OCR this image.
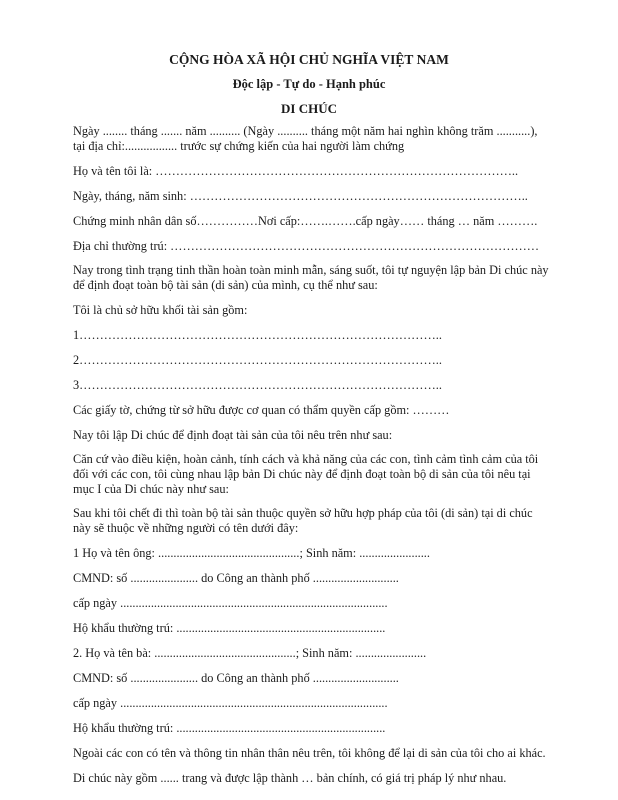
CỘNG HÒA XÃ HỘI CHỦ NGHĨA VIỆT NAM
Độc lập - Tự do - Hạnh phúc
DI CHÚC
Ngày ........ tháng ....... năm .......... (Ngày .......... tháng một năm hai nghìn không trăm ...........),
tại địa chỉ:................. trước sự chứng kiến của hai người làm chứng
Họ và tên tôi là: ……………………………………………………………………………..
Ngày, tháng, năm sinh: ………………………………………………………………………..
Chứng minh nhân dân số……………Nơi cấp:…….…….cấp ngày…… tháng … năm ……….
Địa chỉ thường trú: ………………………………………………………………………………
Nay trong tình trạng tinh thần hoàn toàn minh mẫn, sáng suốt, tôi tự nguyện lập bản Di chúc này
để định đoạt toàn bộ tài sản (di sản) của mình, cụ thể như sau:
Tôi là chủ sở hữu khối tài sản gồm:
1……………………………………………………………………………..
2……………………………………………………………………………..
3……………………………………………………………………………..
Các giấy tờ, chứng từ sở hữu được cơ quan có thẩm quyền cấp gồm: ………
Nay tôi lập Di chúc để định đoạt tài sản của tôi nêu trên như sau:
Căn cứ vào điều kiện, hoàn cảnh, tính cách và khả năng của các con, tình cảm tình cảm của tôi
đối với các con, tôi cùng nhau lập bản Di chúc này để định đoạt toàn bộ di sản của tôi nêu tại
mục I của Di chúc này như sau:
Sau khi tôi chết đi thì toàn bộ tài sản thuộc quyền sở hữu hợp pháp của tôi (di sản) tại di chúc
này sẽ thuộc về những người có tên dưới đây:
1 Họ và tên ông: ..............................................; Sinh năm: .......................
CMND: số ...................... do Công an thành phố ............................
cấp ngày .......................................................................................
Hộ khẩu thường trú: ....................................................................
2. Họ và tên bà: ..............................................; Sinh năm: .......................
CMND: số ...................... do Công an thành phố ............................
cấp ngày .......................................................................................
Hộ khẩu thường trú: ....................................................................
Ngoài các con có tên và thông tin nhân thân nêu trên, tôi không để lại di sản của tôi cho ai khác.
Di chúc này gồm ...... trang và được lập thành … bản chính, có giá trị pháp lý như nhau.
